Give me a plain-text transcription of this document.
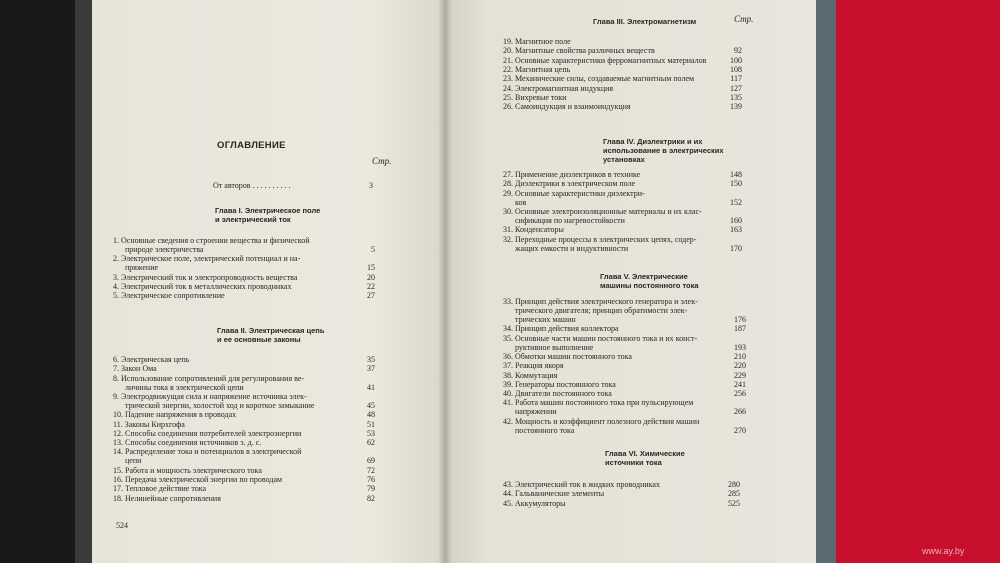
ОГЛАВЛЕНИЕ
Стр.
524
Глава III. Электромагнетизм	Стр.
www.ay.by
От авторов . . . . . . . . . .	3
Глава I. Электрическое поле
и электрический ток
1. Основные сведения о строении вещества и физической
природе электричества	5
2. Электрическое поле, электрический потенциал и на-
пряжение	15
3. Электрический ток и электропроводность вещества	20
4. Электрический ток в металлических проводниках	22
5. Электрическое сопротивление	27
Глава II. Электрическая цепь
и ее основные законы
6. Электрическая цепь	35
7. Закон Ома	37
8. Использование сопротивлений для регулирования ве-
личины тока в электрической цепи	41
9. Электродвижущая сила и напряжение источника элек-
трической энергии, холостой ход и короткое замыкание	45
10. Падение напряжения в проводах	48
11. Законы Кирхгофа	51
12. Способы соединения потребителей электроэнергии	53
13. Способы соединения источников э. д. с.	62
14. Распределение тока и потенциалов в электрической
цепи	69
15. Работа и мощность электрического тока	72
16. Передача электрической энергии по проводам	76
17. Тепловое действие тока	79
18. Нелинейные сопротивления	82
19. Магнитное поле
20. Магнитные свойства различных веществ	92
21. Основные характеристики ферромагнитных материалов	100
22. Магнитная цепь	108
23. Механические силы, создаваемые магнитным полем	117
24. Электромагнитная индукция	127
25. Вихревые токи	135
26. Самоиндукция и взаимоиндукция	139
Глава IV. Диэлектрики и их
использование в электрических
установках
27. Применение диэлектриков в технике	148
28. Диэлектрики в электрическом поле	150
29. Основные характеристики диэлектри-
ков	152
30. Основные электроизоляционные материалы и их клас-
сификация по нагревостойкости	160
31. Конденсаторы	163
32. Переходные процессы в электрических цепях, содер-
жащих емкости и индуктивности	170
Глава V. Электрические
машины постоянного тока
33. Принцип действия электрического генератора и элек-
трического двигателя; принцип обратимости элек-
трических машин	176
34. Принцип действия коллектора	187
35. Основные части машин постоянного тока и их конст-
руктивное выполнение	193
36. Обмотки машин постоянного тока	210
37. Реакция якоря	220
38. Коммутация	229
39. Генераторы постоянного тока	241
40. Двигатели постоянного тока	256
41. Работа машин постоянного тока при пульсирующем
напряжении	266
42. Мощность и коэффициент полезного действия машин
постоянного тока	270
Глава VI. Химические
источники тока
43. Электрический ток в жидких проводниках	280
44. Гальванические элементы	285
45. Аккумуляторы	525
